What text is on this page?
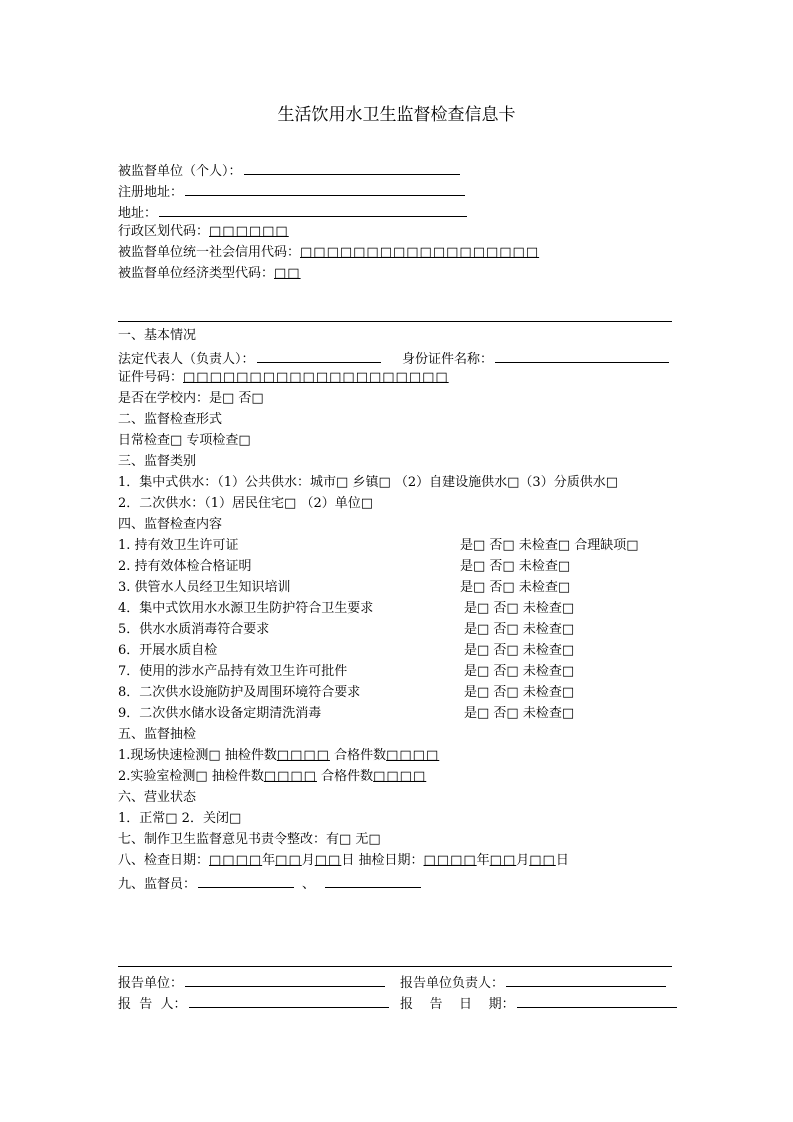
生活饮用水卫生监督检查信息卡
被监督单位（个人）：
注册地址：
地址：
行政区划代码：□□□□□□
被监督单位统一社会信用代码：□□□□□□□□□□□□□□□□□□
被监督单位经济类型代码：□□
一、基本情况
法定代表人（负责人）：	身份证件名称：
证件号码：□□□□□□□□□□□□□□□□□□□□
是否在学校内：是□ 否□
二、监督检查形式
日常检查□ 专项检查□
三、监督类别
1．集中式供水：（1）公共供水：城市□ 乡镇□ （2）自建设施供水□（3）分质供水□
2．二次供水：（1）居民住宅□ （2）单位□
四、监督检查内容
1. 持有效卫生许可证	是□ 否□ 未检查□ 合理缺项□
2. 持有效体检合格证明	是□ 否□ 未检查□
3. 供管水人员经卫生知识培训	是□ 否□ 未检查□
4．集中式饮用水水源卫生防护符合卫生要求	是□ 否□ 未检查□
5．供水水质消毒符合要求	是□ 否□ 未检查□
6．开展水质自检	是□ 否□ 未检查□
7．使用的涉水产品持有效卫生许可批件	是□ 否□ 未检查□
8．二次供水设施防护及周围环境符合要求	是□ 否□ 未检查□
9．二次供水储水设备定期清洗消毒	是□ 否□ 未检查□
五、监督抽检
1.现场快速检测□ 抽检件数□□□□ 合格件数□□□□
2.实验室检测□ 抽检件数□□□□ 合格件数□□□□
六、营业状态
1．正常□ 2．关闭□
七、制作卫生监督意见书责令整改：有□ 无□
八、检查日期：□□□□年□□月□□日 抽检日期：□□□□年□□月□□日
九、监督员：	、
报告单位：	报告单位负责人：
报  告  人：	报    告    日    期：
